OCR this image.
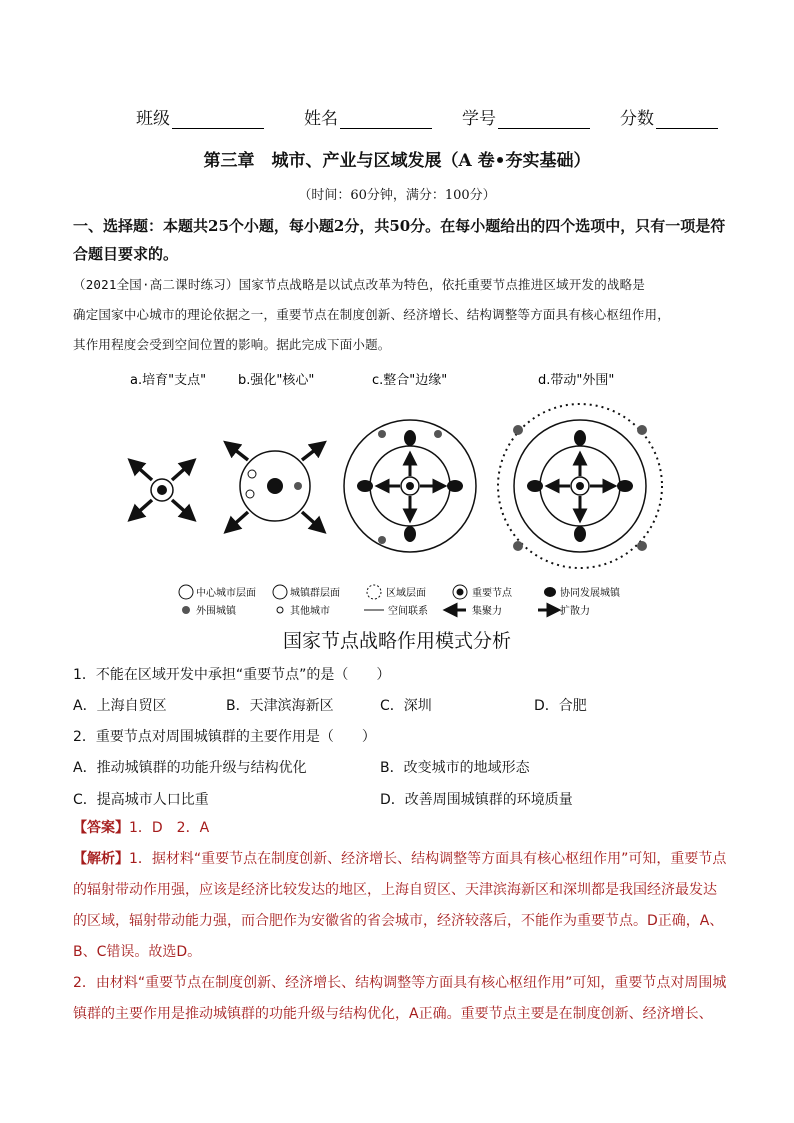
班级	姓名	学号	分数
第三章　城市、产业与区域发展（A 卷•夯实基础）
（时间：60分钟，满分：100分）
一、选择题：本题共25个小题，每小题2分，共50分。在每小题给出的四个选项中，只有一项是符合题目要求的。
（2021全国·高二课时练习）国家节点战略是以试点改革为特色，依托重要节点推进区域开发的战略是
确定国家中心城市的理论依据之一，重要节点在制度创新、经济增长、结构调整等方面具有核心枢纽作用，
其作用程度会受到空间位置的影响。据此完成下面小题。
a.培育"支点" b.强化"核心"	c.整合"边缘"	d.带动"外围"
中心城市层面	城镇群层面	区域层面	重要节点	协同发展城镇
外围城镇	其他城市	空间联系	集聚力	扩散力
国家节点战略作用模式分析
1．不能在区域开发中承担“重要节点”的是（　　）
A．上海自贸区	B．天津滨海新区	C．深圳	D．合肥
2．重要节点对周围城镇群的主要作用是（　　）
A．推动城镇群的功能升级与结构优化	B．改变城市的地域形态
C．提高城市人口比重	D．改善周围城镇群的环境质量
【答案】1．D　2．A
【解析】1．据材料“重要节点在制度创新、经济增长、结构调整等方面具有核心枢纽作用”可知，重要节点
的辐射带动作用强，应该是经济比较发达的地区，上海自贸区、天津滨海新区和深圳都是我国经济最发达
的区域，辐射带动能力强，而合肥作为安徽省的省会城市，经济较落后，不能作为重要节点。D正确，A、
B、C错误。故选D。
2．由材料“重要节点在制度创新、经济增长、结构调整等方面具有核心枢纽作用”可知，重要节点对周围城
镇群的主要作用是推动城镇群的功能升级与结构优化，A正确。重要节点主要是在制度创新、经济增长、
